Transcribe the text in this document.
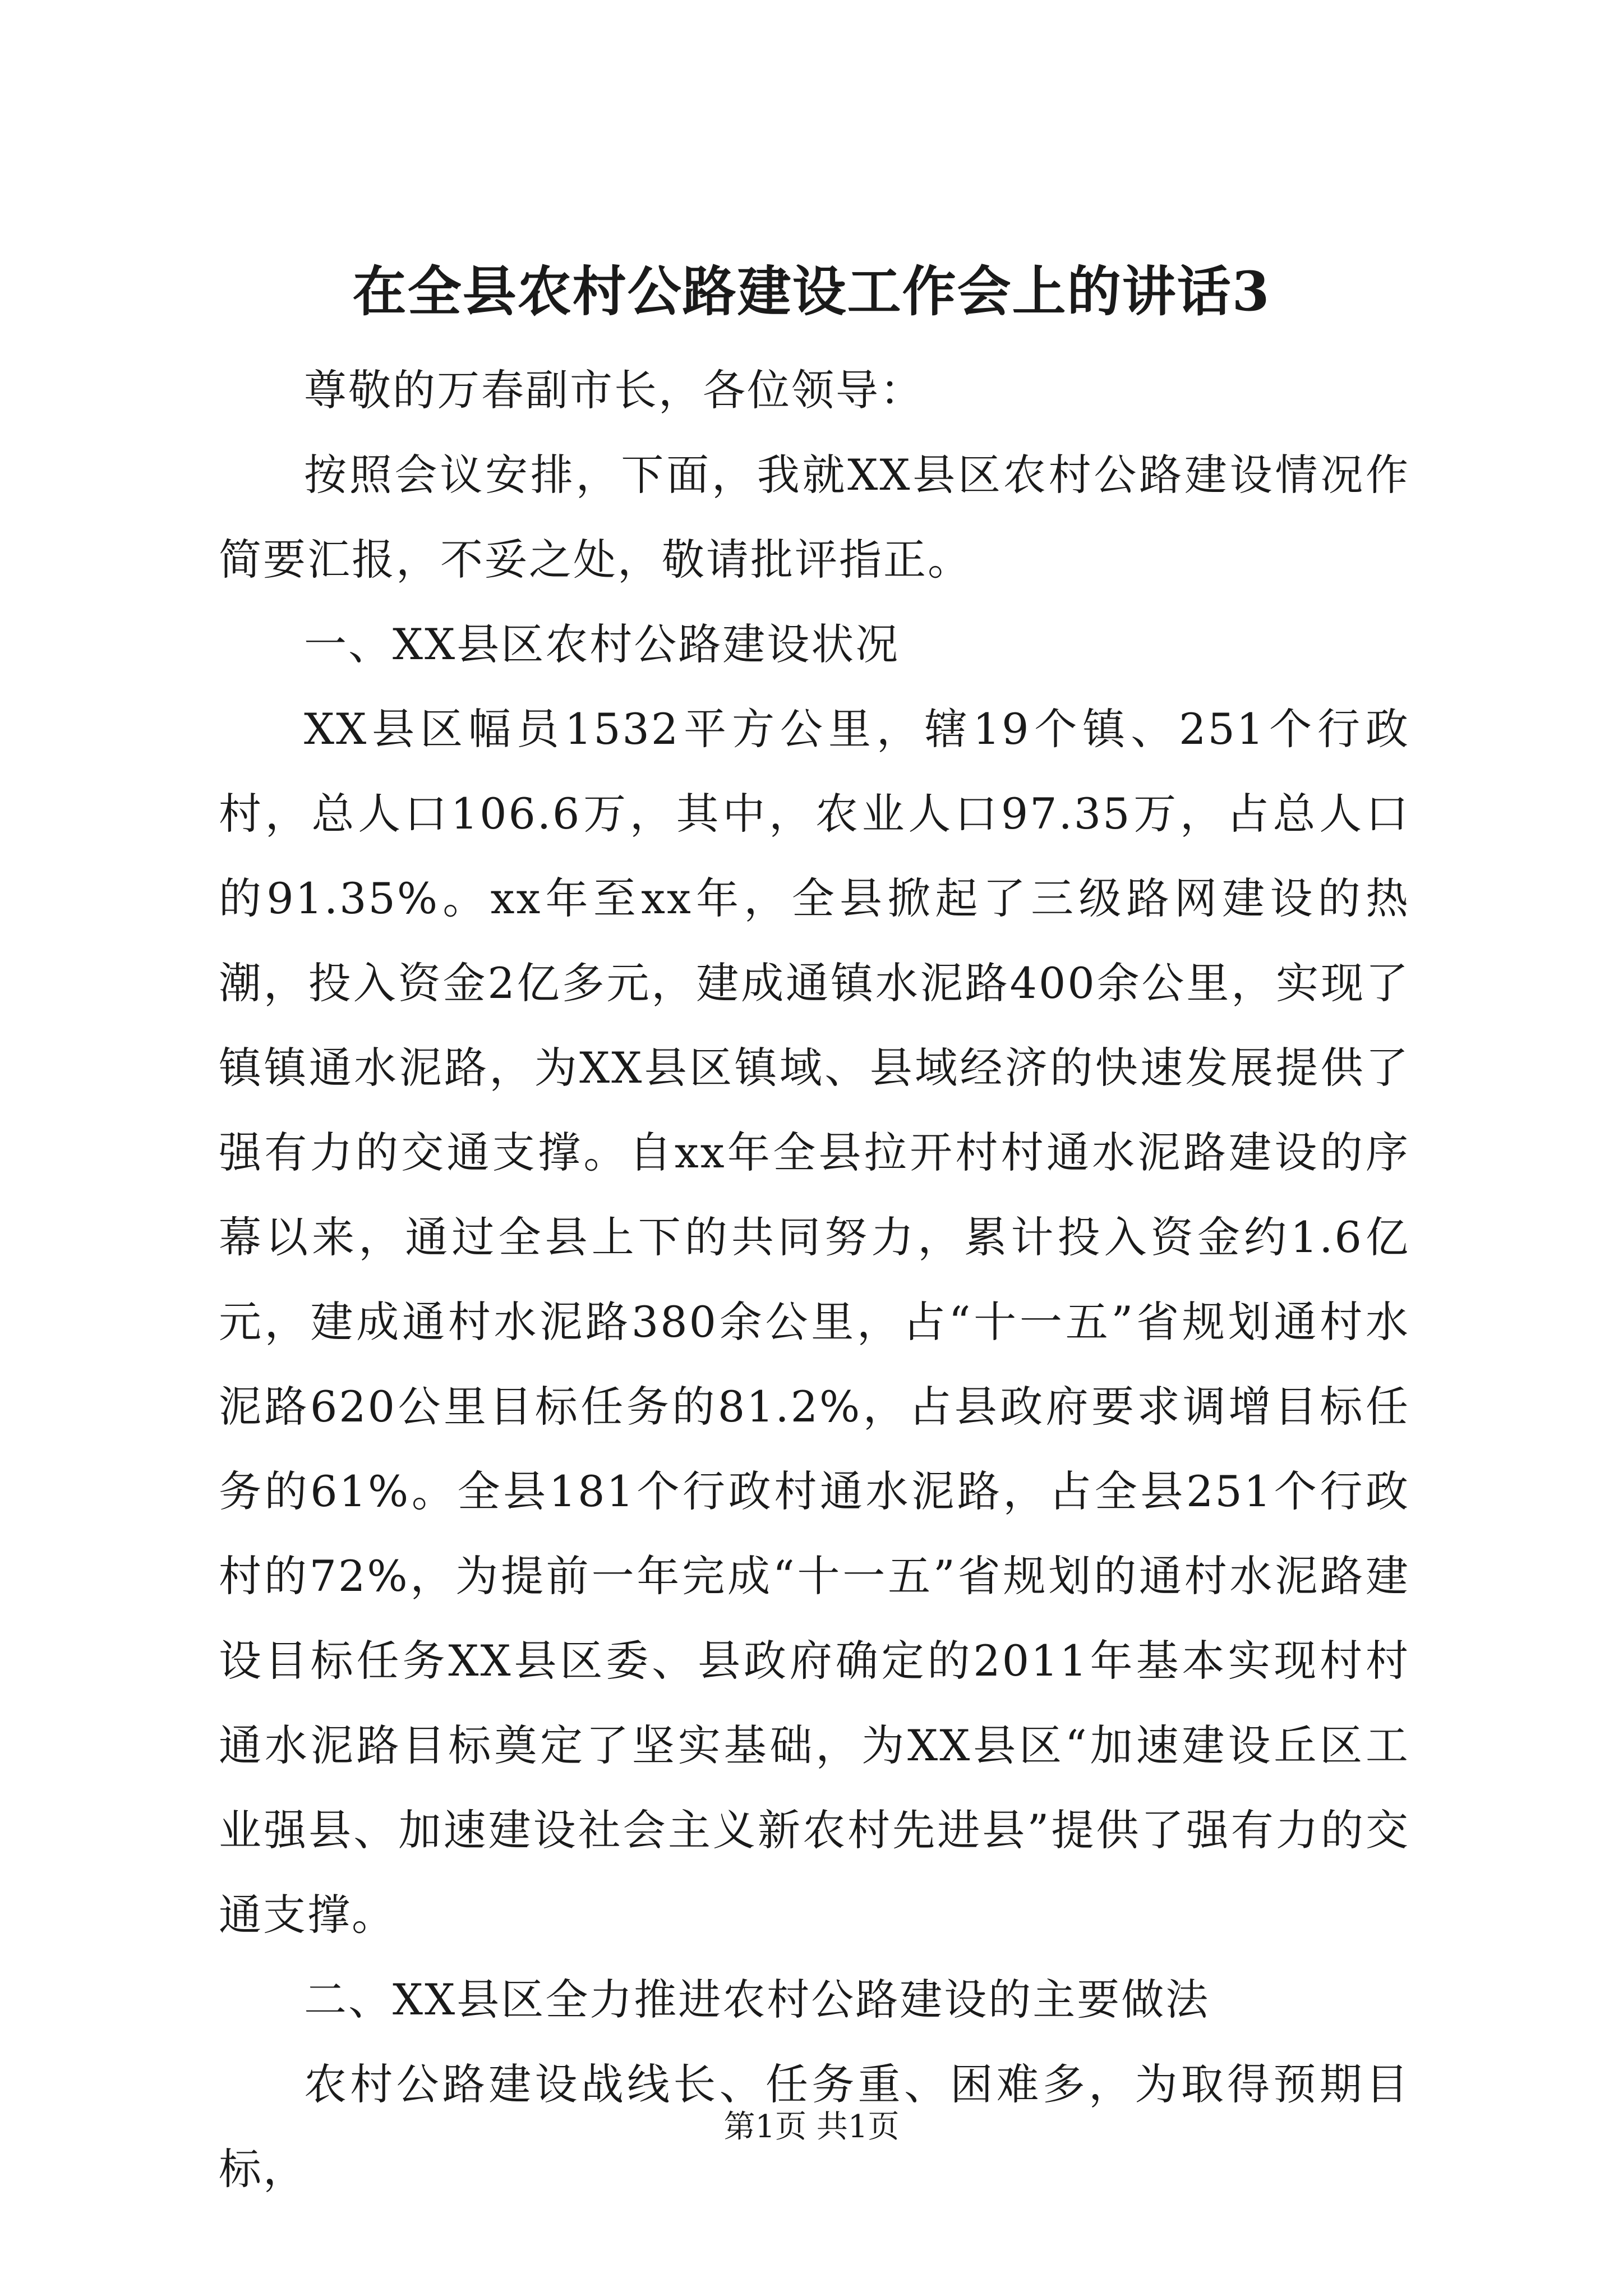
在全县农村公路建设工作会上的讲话3

尊敬的万春副市长，各位领导：

按照会议安排，下面，我就XX县区农村公路建设情况作简要汇报，不妥之处，敬请批评指正。

一、XX县区农村公路建设状况

XX县区幅员1532平方公里，辖19个镇、251个行政村，总人口106.6万，其中，农业人口97.35万，占总人口的91.35%。xx年至xx年，全县掀起了三级路网建设的热潮，投入资金2亿多元，建成通镇水泥路400余公里，实现了镇镇通水泥路，为XX县区镇域、县域经济的快速发展提供了强有力的交通支撑。自xx年全县拉开村村通水泥路建设的序幕以来，通过全县上下的共同努力，累计投入资金约1.6亿元，建成通村水泥路380余公里，占“十一五”省规划通村水泥路620公里目标任务的81.2%，占县政府要求调增目标任务的61%。全县181个行政村通水泥路，占全县251个行政村的72%，为提前一年完成“十一五”省规划的通村水泥路建设目标任务XX县区委、县政府确定的2011年基本实现村村通水泥路目标奠定了坚实基础，为XX县区“加速建设丘区工业强县、加速建设社会主义新农村先进县”提供了强有力的交通支撑。

二、XX县区全力推进农村公路建设的主要做法

农村公路建设战线长、任务重、困难多，为取得预期目标，

第1页 共1页
